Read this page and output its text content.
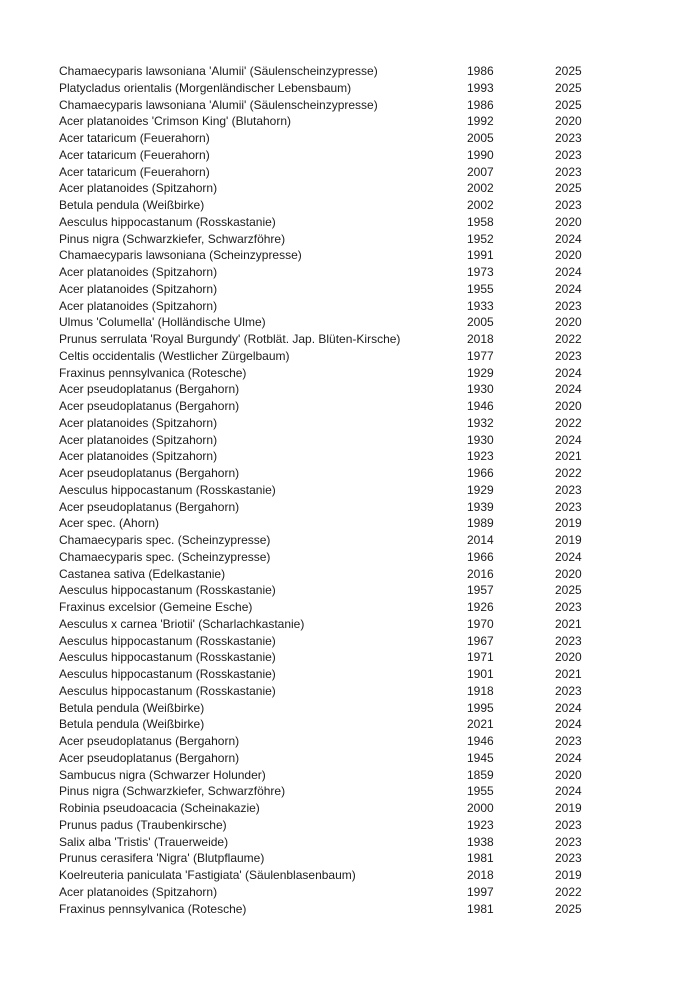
Chamaecyparis lawsoniana 'Alumii' (Säulenscheinzypresse)	1986	2025
Platycladus orientalis (Morgenländischer Lebensbaum)	1993	2025
Chamaecyparis lawsoniana 'Alumii' (Säulenscheinzypresse)	1986	2025
Acer platanoides 'Crimson King' (Blutahorn)	1992	2020
Acer tataricum (Feuerahorn)	2005	2023
Acer tataricum (Feuerahorn)	1990	2023
Acer tataricum (Feuerahorn)	2007	2023
Acer platanoides (Spitzahorn)	2002	2025
Betula pendula (Weißbirke)	2002	2023
Aesculus hippocastanum (Rosskastanie)	1958	2020
Pinus nigra (Schwarzkiefer, Schwarzföhre)	1952	2024
Chamaecyparis lawsoniana (Scheinzypresse)	1991	2020
Acer platanoides (Spitzahorn)	1973	2024
Acer platanoides (Spitzahorn)	1955	2024
Acer platanoides (Spitzahorn)	1933	2023
Ulmus 'Columella' (Holländische Ulme)	2005	2020
Prunus serrulata 'Royal Burgundy' (Rotblät. Jap. Blüten-Kirsche)	2018	2022
Celtis occidentalis (Westlicher Zürgelbaum)	1977	2023
Fraxinus pennsylvanica (Rotesche)	1929	2024
Acer pseudoplatanus (Bergahorn)	1930	2024
Acer pseudoplatanus (Bergahorn)	1946	2020
Acer platanoides (Spitzahorn)	1932	2022
Acer platanoides (Spitzahorn)	1930	2024
Acer platanoides (Spitzahorn)	1923	2021
Acer pseudoplatanus (Bergahorn)	1966	2022
Aesculus hippocastanum (Rosskastanie)	1929	2023
Acer pseudoplatanus (Bergahorn)	1939	2023
Acer spec. (Ahorn)	1989	2019
Chamaecyparis spec. (Scheinzypresse)	2014	2019
Chamaecyparis spec. (Scheinzypresse)	1966	2024
Castanea sativa (Edelkastanie)	2016	2020
Aesculus hippocastanum (Rosskastanie)	1957	2025
Fraxinus excelsior (Gemeine Esche)	1926	2023
Aesculus x carnea 'Briotii' (Scharlachkastanie)	1970	2021
Aesculus hippocastanum (Rosskastanie)	1967	2023
Aesculus hippocastanum (Rosskastanie)	1971	2020
Aesculus hippocastanum (Rosskastanie)	1901	2021
Aesculus hippocastanum (Rosskastanie)	1918	2023
Betula pendula (Weißbirke)	1995	2024
Betula pendula (Weißbirke)	2021	2024
Acer pseudoplatanus (Bergahorn)	1946	2023
Acer pseudoplatanus (Bergahorn)	1945	2024
Sambucus nigra (Schwarzer Holunder)	1859	2020
Pinus nigra (Schwarzkiefer, Schwarzföhre)	1955	2024
Robinia pseudoacacia (Scheinakazie)	2000	2019
Prunus padus (Traubenkirsche)	1923	2023
Salix alba 'Tristis' (Trauerweide)	1938	2023
Prunus cerasifera 'Nigra' (Blutpflaume)	1981	2023
Koelreuteria paniculata 'Fastigiata' (Säulenblasenbaum)	2018	2019
Acer platanoides (Spitzahorn)	1997	2022
Fraxinus pennsylvanica (Rotesche)	1981	2025
